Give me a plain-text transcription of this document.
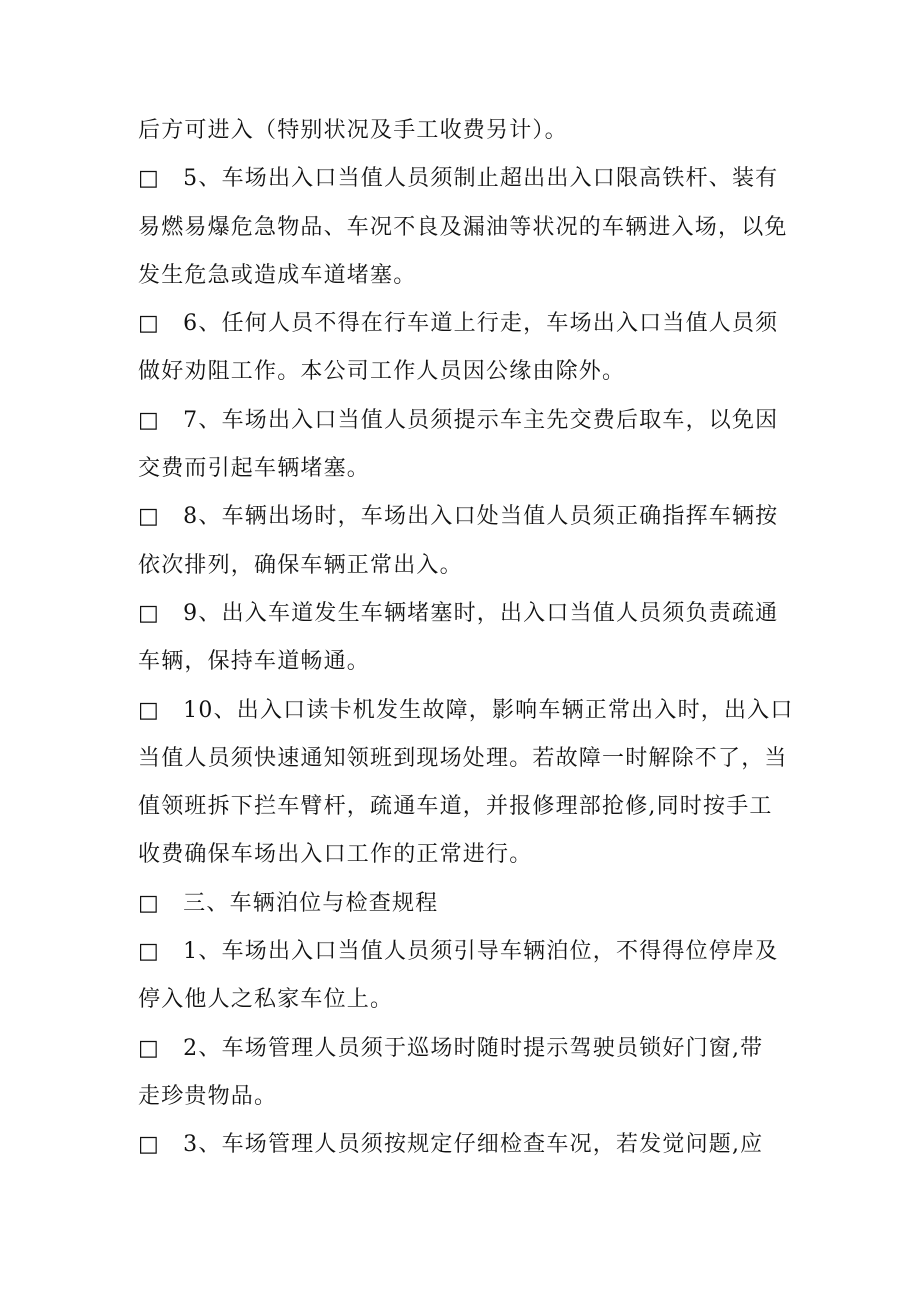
后方可进入（特别状况及手工收费另计）。
□　5、车场出入口当值人员须制止超出出入口限高铁杆、装有
易燃易爆危急物品、车况不良及漏油等状况的车辆进入场，以免
发生危急或造成车道堵塞。
□　6、任何人员不得在行车道上行走，车场出入口当值人员须
做好劝阻工作。本公司工作人员因公缘由除外。
□　7、车场出入口当值人员须提示车主先交费后取车，以免因
交费而引起车辆堵塞。
□　8、车辆出场时，车场出入口处当值人员须正确指挥车辆按
依次排列，确保车辆正常出入。
□　9、出入车道发生车辆堵塞时，出入口当值人员须负责疏通
车辆，保持车道畅通。
□　10、出入口读卡机发生故障，影响车辆正常出入时，出入口
当值人员须快速通知领班到现场处理。若故障一时解除不了，当
值领班拆下拦车臂杆，疏通车道，并报修理部抢修,同时按手工
收费确保车场出入口工作的正常进行。
□　三、车辆泊位与检查规程
□　1、车场出入口当值人员须引导车辆泊位，不得得位停岸及
停入他人之私家车位上。
□　2、车场管理人员须于巡场时随时提示驾驶员锁好门窗,带
走珍贵物品。
□　3、车场管理人员须按规定仔细检查车况，若发觉问题,应
